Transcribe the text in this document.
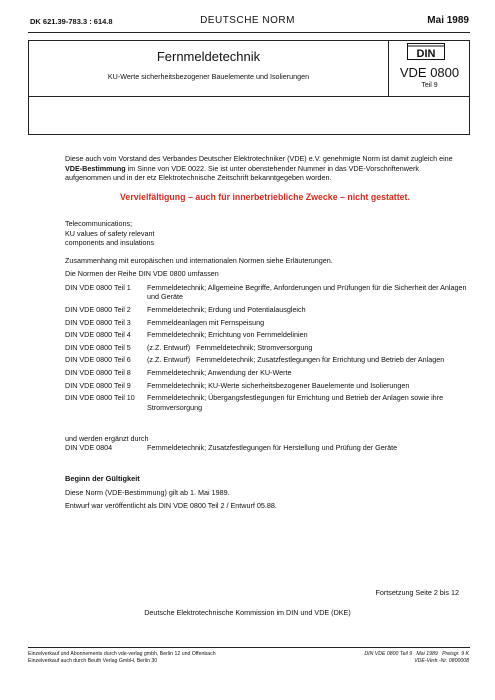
DK 621.39-783.3 : 614.8	DEUTSCHE NORM	Mai 1989
Fernmeldetechnik
KU-Werte sicherheitsbezogener Bauelemente und Isolierungen
DIN
VDE 0800
Teil 9
Diese auch vom Vorstand des Verbandes Deutscher Elektrotechniker (VDE) e.V. genehmigte Norm ist damit zugleich eine VDE-Bestimmung im Sinne von VDE 0022. Sie ist unter obenstehender Nummer in das VDE-Vorschriftenwerk aufgenommen und in der etz Elektrotechnische Zeitschrift bekanntgegeben worden.
Vervielfältigung – auch für innerbetriebliche Zwecke – nicht gestattet.
Telecommunications;
KU values of safety relevant
components and insulations
Zusammenhang mit europäischen und internationalen Normen siehe Erläuterungen.
Die Normen der Reihe DIN VDE 0800 umfassen
DIN VDE 0800 Teil 1	Fernmeldetechnik; Allgemeine Begriffe, Anforderungen und Prüfungen für die Sicherheit der Anlagen und Geräte
DIN VDE 0800 Teil 2	Fernmeldetechnik; Erdung und Potentialausgleich
DIN VDE 0800 Teil 3	Fernmeldeanlagen mit Fernspeisung
DIN VDE 0800 Teil 4	Fernmeldetechnik; Errichtung von Fernmeldelinien
DIN VDE 0800 Teil 5	(z.Z. Entwurf)   Fernmeldetechnik; Stromversorgung
DIN VDE 0800 Teil 6	(z.Z. Entwurf)   Fernmeldetechnik; Zusatzfestlegungen für Errichtung und Betrieb der Anlagen
DIN VDE 0800 Teil 8	Fernmeldetechnik; Anwendung der KU-Werte
DIN VDE 0800 Teil 9	Fernmeldetechnik; KU-Werte sicherheitsbezogener Bauelemente und Isolierungen
DIN VDE 0800 Teil 10	Fernmeldetechnik; Übergangsfestlegungen für Errichtung und Betrieb der Anlagen sowie ihre Stromversorgung
und werden ergänzt durch
DIN VDE 0804	Fernmeldetechnik; Zusatzfestlegungen für Herstellung und Prüfung der Geräte
Beginn der Gültigkeit
Diese Norm (VDE-Bestimmung) gilt ab 1. Mai 1989.
Entwurf war veröffentlicht als DIN VDE 0800 Teil 2 / Entwurf 05.88.
Fortsetzung Seite 2 bis 12
Deutsche Elektrotechnische Kommission im DIN und VDE (DKE)
Einzelverkauf und Abonnements durch vde-verlag gmbh, Berlin 12 und Offenbach
Einzelverkauf auch durch Beuth Verlag GmbH, Berlin 30
DIN VDE 0800 Teil 9   Mai 1989   Preisgr. 9 K
VDE-Vertr.-Nr. 0800008
